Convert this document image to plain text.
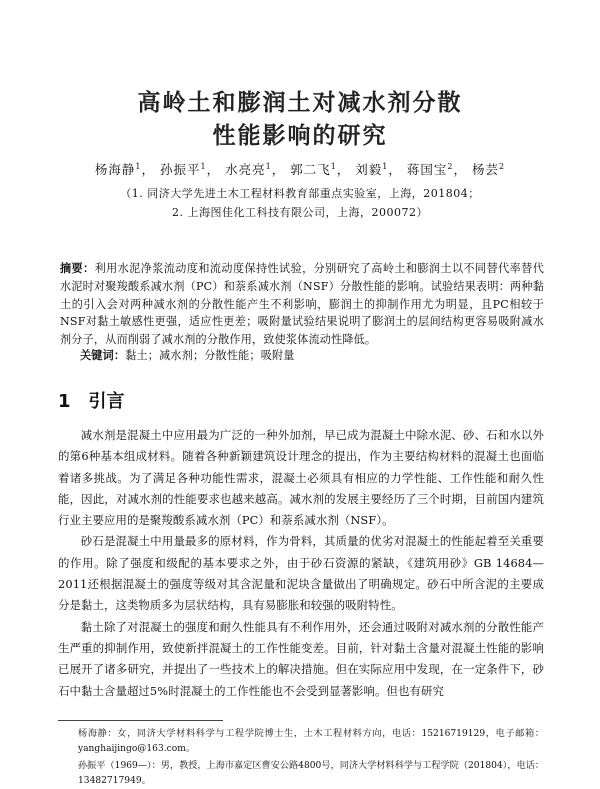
高岭土和膨润土对减水剂分散
性能影响的研究
杨海静$^1$， 孙振平$^1$， 水亮亮$^1$， 郭二飞$^1$， 刘毅$^1$， 蒋国宝$^2$， 杨芸$^2$
（1. 同济大学先进土木工程材料教育部重点实验室，上海，201804；
2. 上海图佳化工科技有限公司，上海，200072）
摘要：利用水泥净浆流动度和流动度保持性试验，分别研究了高岭土和膨润土以不同替代率替代水泥时对聚羧酸系减水剂（PC）和萘系减水剂（NSF）分散性能的影响。试验结果表明：两种黏土的引入会对两种减水剂的分散性能产生不利影响，膨润土的抑制作用尤为明显，且PC相较于NSF对黏土敏感性更强，适应性更差；吸附量试验结果说明了膨润土的层间结构更容易吸附减水剂分子，从而削弱了减水剂的分散作用，致使浆体流动性降低。
关键词：黏土；减水剂；分散性能；吸附量
1 引言

减水剂是混凝土中应用最为广泛的一种外加剂，早已成为混凝土中除水泥、砂、石和水以外的第6种基本组成材料。随着各种新颖建筑设计理念的提出，作为主要结构材料的混凝土也面临着诸多挑战。为了满足各种功能性需求，混凝土必须具有相应的力学性能、工作性能和耐久性能，因此，对减水剂的性能要求也越来越高。减水剂的发展主要经历了三个时期，目前国内建筑行业主要应用的是聚羧酸系减水剂（PC）和萘系减水剂（NSF）。

砂石是混凝土中用量最多的原材料，作为骨料，其质量的优劣对混凝土的性能起着至关重要的作用。除了强度和级配的基本要求之外，由于砂石资源的紧缺，《建筑用砂》GB 14684—2011还根据混凝土的强度等级对其含泥量和泥块含量做出了明确规定。砂石中所含泥的主要成分是黏土，这类物质多为层状结构，具有易膨胀和较强的吸附特性。

黏土除了对混凝土的强度和耐久性能具有不利作用外，还会通过吸附对减水剂的分散性能产生严重的抑制作用，致使新拌混凝土的工作性能变差。目前，针对黏土含量对混凝土性能的影响已展开了诸多研究，并提出了一些技术上的解决措施。但在实际应用中发现，在一定条件下，砂石中黏土含量超过5%时混凝土的工作性能也不会受到显著影响。但也有研究

杨海静：女，同济大学材料科学与工程学院博士生，土木工程材料方向，电话：15216719129，电子邮箱：yanghaijingo@163.com。
孙振平（1969—）：男，教授，上海市嘉定区曹安公路4800号，同济大学材料科学与工程学院（201804），电话：13482717949。
